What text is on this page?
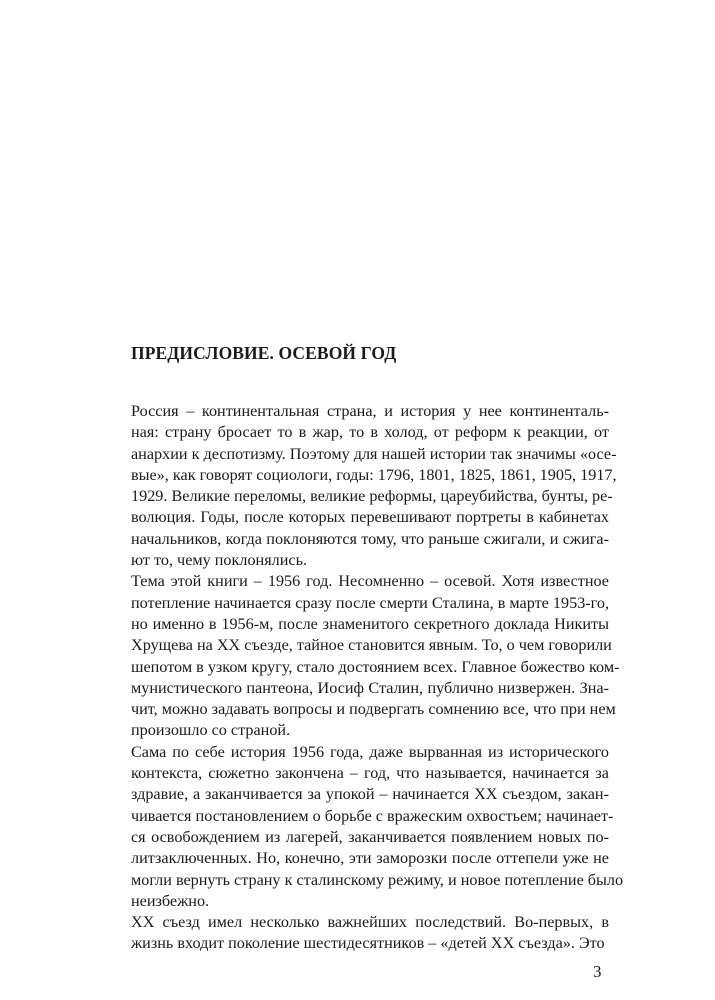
ПРЕДИСЛОВИЕ. ОСЕВОЙ ГОД

Россия – континентальная страна, и история у нее континенталь-
ная: страну бросает то в жар, то в холод, от реформ к реакции, от
анархии к деспотизму. Поэтому для нашей истории так значимы «осе-
вые», как говорят социологи, годы: 1796, 1801, 1825, 1861, 1905, 1917,
1929. Великие переломы, великие реформы, цареубийства, бунты, ре-
волюция. Годы, после которых перевешивают портреты в кабинетах
начальников, когда поклоняются тому, что раньше сжигали, и сжига-
ют то, чему поклонялись.

Тема этой книги – 1956 год. Несомненно – осевой. Хотя известное
потепление начинается сразу после смерти Сталина, в марте 1953-го,
но именно в 1956-м, после знаменитого секретного доклада Никиты
Хрущева на XX съезде, тайное становится явным. То, о чем говорили
шепотом в узком кругу, стало достоянием всех. Главное божество ком-
мунистического пантеона, Иосиф Сталин, публично низвержен. Зна-
чит, можно задавать вопросы и подвергать сомнению все, что при нем
произошло со страной.

Сама по себе история 1956 года, даже вырванная из исторического
контекста, сюжетно закончена – год, что называется, начинается за
здравие, а заканчивается за упокой – начинается XX съездом, закан-
чивается постановлением о борьбе с вражеским охвостьем; начинает-
ся освобождением из лагерей, заканчивается появлением новых по-
литзаключенных. Но, конечно, эти заморозки после оттепели уже не
могли вернуть страну к сталинскому режиму, и новое потепление было
неизбежно.

XX съезд имел несколько важнейших последствий. Во-первых, в
жизнь входит поколение шестидесятников – «детей XX съезда». Это

3
